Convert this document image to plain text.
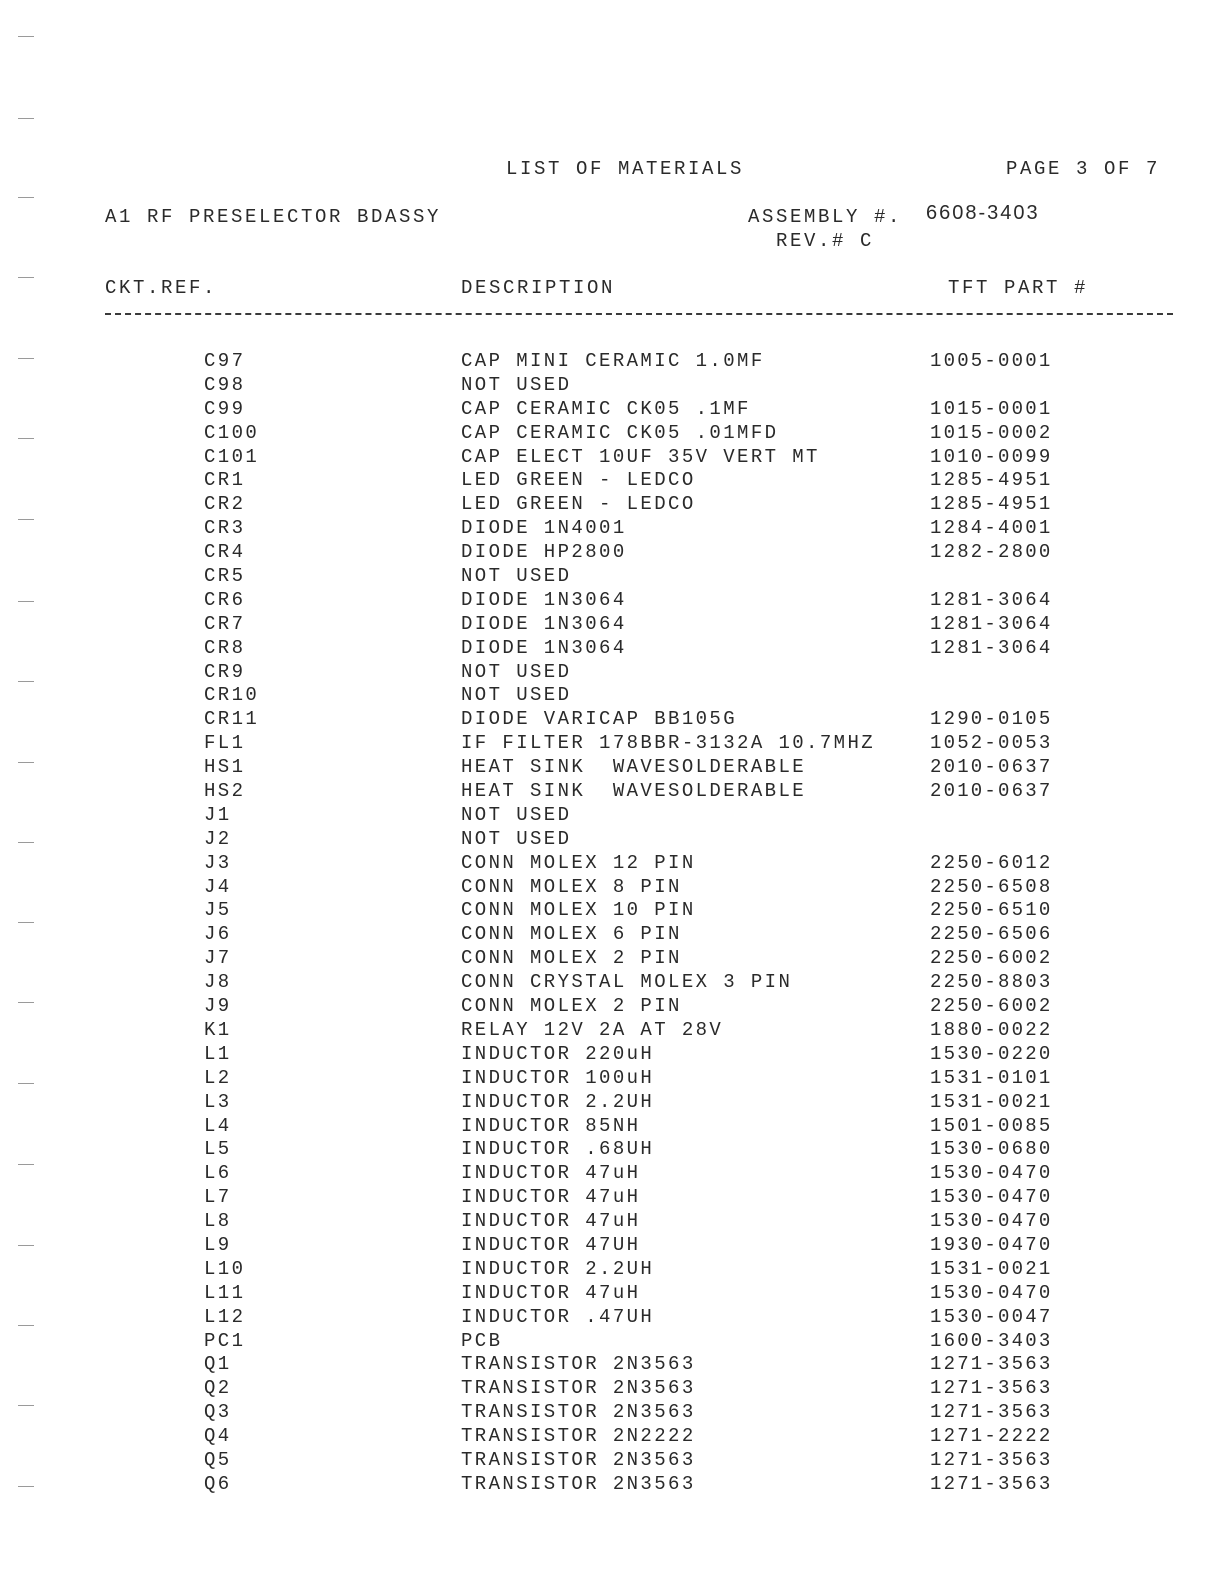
LIST OF MATERIALS	PAGE 3 OF 7
A1 RF PRESELECTOR BDASSY	ASSEMBLY #. 6608-3403
REV.# C
CKT.REF.	DESCRIPTION	TFT PART #
C97	CAP MINI CERAMIC 1.0MF	1005-0001
C98	NOT USED
C99	CAP CERAMIC CK05 .1MF	1015-0001
C100	CAP CERAMIC CK05 .01MFD	1015-0002
C101	CAP ELECT 10UF 35V VERT MT	1010-0099
CR1	LED GREEN - LEDCO	1285-4951
CR2	LED GREEN - LEDCO	1285-4951
CR3	DIODE 1N4001	1284-4001
CR4	DIODE HP2800	1282-2800
CR5	NOT USED
CR6	DIODE 1N3064	1281-3064
CR7	DIODE 1N3064	1281-3064
CR8	DIODE 1N3064	1281-3064
CR9	NOT USED
CR10	NOT USED
CR11	DIODE VARICAP BB105G	1290-0105
FL1	IF FILTER 178BBR-3132A 10.7MHZ	1052-0053
HS1	HEAT SINK  WAVESOLDERABLE	2010-0637
HS2	HEAT SINK  WAVESOLDERABLE	2010-0637
J1	NOT USED
J2	NOT USED
J3	CONN MOLEX 12 PIN	2250-6012
J4	CONN MOLEX 8 PIN	2250-6508
J5	CONN MOLEX 10 PIN	2250-6510
J6	CONN MOLEX 6 PIN	2250-6506
J7	CONN MOLEX 2 PIN	2250-6002
J8	CONN CRYSTAL MOLEX 3 PIN	2250-8803
J9	CONN MOLEX 2 PIN	2250-6002
K1	RELAY 12V 2A AT 28V	1880-0022
L1	INDUCTOR 220uH	1530-0220
L2	INDUCTOR 100uH	1531-0101
L3	INDUCTOR 2.2UH	1531-0021
L4	INDUCTOR 85NH	1501-0085
L5	INDUCTOR .68UH	1530-0680
L6	INDUCTOR 47uH	1530-0470
L7	INDUCTOR 47uH	1530-0470
L8	INDUCTOR 47uH	1530-0470
L9	INDUCTOR 47UH	1930-0470
L10	INDUCTOR 2.2UH	1531-0021
L11	INDUCTOR 47uH	1530-0470
L12	INDUCTOR .47UH	1530-0047
PC1	PCB	1600-3403
Q1	TRANSISTOR 2N3563	1271-3563
Q2	TRANSISTOR 2N3563	1271-3563
Q3	TRANSISTOR 2N3563	1271-3563
Q4	TRANSISTOR 2N2222	1271-2222
Q5	TRANSISTOR 2N3563	1271-3563
Q6	TRANSISTOR 2N3563	1271-3563
